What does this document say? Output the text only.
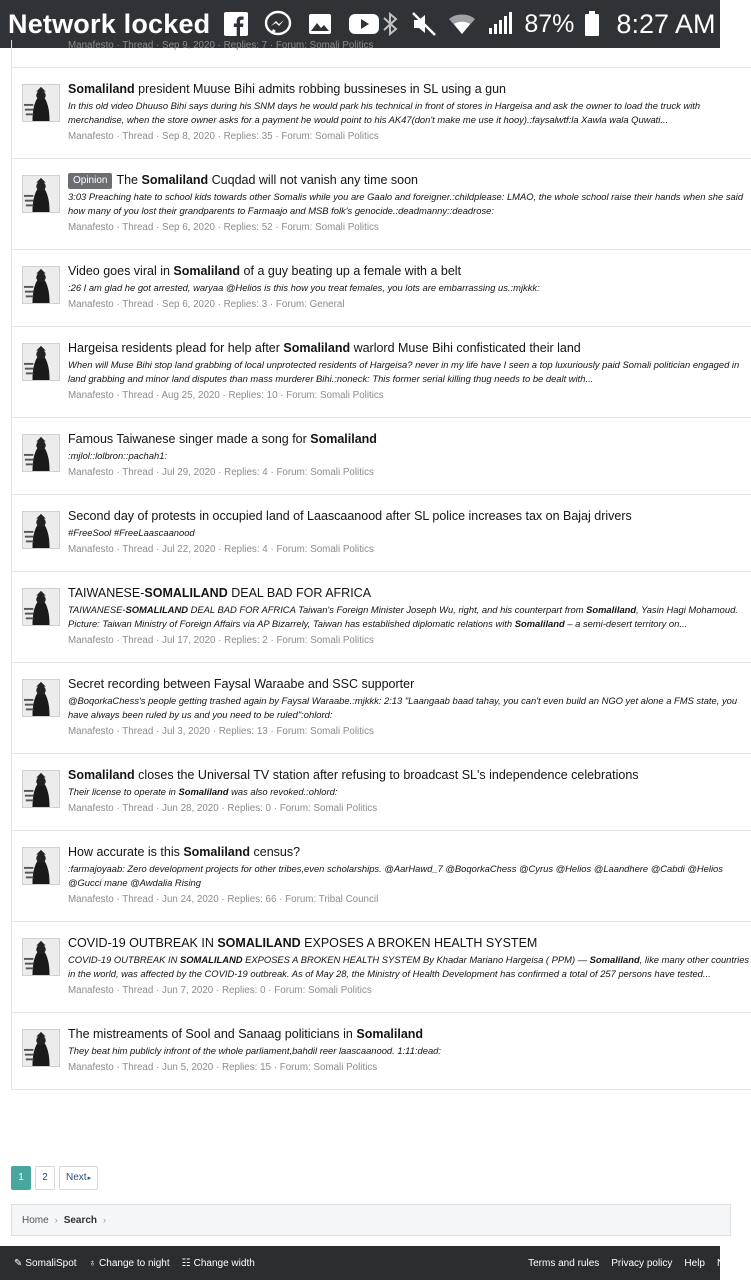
Network locked	87% 8:27 AM
Manafesto · Thread · Sep 9, 2020 · Replies: 7 · Forum: Somali Politics
Somaliland president Muuse Bihi admits robbing bussineses in SL using a gun
In this old video Dhuuso Bihi says during his SNM days he would park his technical in front of stores in Hargeisa and ask the owner to load the truck with merchandise, when the store owner asks for a payment he would point to his AK47(don't make me use it hooy).:faysalwtf:la Xawla wala Quwati...
Manafesto · Thread · Sep 8, 2020 · Replies: 35 · Forum: Somali Politics
Opinion The Somaliland Cuqdad will not vanish any time soon
3:03 Preaching hate to school kids towards other Somalis while you are Gaalo and foreigner.:childplease: LMAO, the whole school raise their hands when she said how many of you lost their grandparents to Farmaajo and MSB folk's genocide.:deadmanny::deadrose:
Manafesto · Thread · Sep 6, 2020 · Replies: 52 · Forum: Somali Politics
Video goes viral in Somaliland of a guy beating up a female with a belt
:26 I am glad he got arrested, waryaa @Helios is this how you treat females, you lots are embarrassing us.:mjkkk:
Manafesto · Thread · Sep 6, 2020 · Replies: 3 · Forum: General
Hargeisa residents plead for help after Somaliland warlord Muse Bihi confisticated their land
When will Muse Bihi stop land grabbing of local unprotected residents of Hargeisa? never in my life have I seen a top luxuriously paid Somali politician engaged in land grabbing and minor land disputes than mass murderer Bihi.:noneck: This former serial killing thug needs to be dealt with...
Manafesto · Thread · Aug 25, 2020 · Replies: 10 · Forum: Somali Politics
Famous Taiwanese singer made a song for Somaliland
:mjlol::lolbron::pachah1:
Manafesto · Thread · Jul 29, 2020 · Replies: 4 · Forum: Somali Politics
Second day of protests in occupied land of Laascaanood after SL police increases tax on Bajaj drivers
#FreeSool #FreeLaascaanood
Manafesto · Thread · Jul 22, 2020 · Replies: 4 · Forum: Somali Politics
TAIWANESE-SOMALILAND DEAL BAD FOR AFRICA
TAIWANESE-SOMALILAND DEAL BAD FOR AFRICA Taiwan's Foreign Minister Joseph Wu, right, and his counterpart from Somaliland, Yasin Hagi Mohamoud. Picture: Taiwan Ministry of Foreign Affairs via AP Bizarrely, Taiwan has established diplomatic relations with Somaliland – a semi-desert territory on...
Manafesto · Thread · Jul 17, 2020 · Replies: 2 · Forum: Somali Politics
Secret recording between Faysal Waraabe and SSC supporter
@BoqorkaChess's people getting trashed again by Faysal Waraabe.:mjkkk: 2:13 "Laangaab baad tahay, you can't even build an NGO yet alone a FMS state, you have always been ruled by us and you need to be ruled":ohlord:
Manafesto · Thread · Jul 3, 2020 · Replies: 13 · Forum: Somali Politics
Somaliland closes the Universal TV station after refusing to broadcast SL's independence celebrations
Their license to operate in Somaliland was also revoked.:ohlord:
Manafesto · Thread · Jun 28, 2020 · Replies: 0 · Forum: Somali Politics
How accurate is this Somaliland census?
:farmajoyaab: Zero development projects for other tribes,even scholarships. @AarHawd_7 @BoqorkaChess @Cyrus @Helios @Laandhere @Cabdi @Helios @Gucci mane @Awdalia Rising
Manafesto · Thread · Jun 24, 2020 · Replies: 66 · Forum: Tribal Council
COVID-19 OUTBREAK IN SOMALILAND EXPOSES A BROKEN HEALTH SYSTEM
COVID-19 OUTBREAK IN SOMALILAND EXPOSES A BROKEN HEALTH SYSTEM By Khadar Mariano Hargeisa ( PPM) — Somaliland, like many other countries in the world, was affected by the COVID-19 outbreak. As of May 28, the Ministry of Health Development has confirmed a total of 257 persons have tested...
Manafesto · Thread · Jun 7, 2020 · Replies: 0 · Forum: Somali Politics
The mistreaments of Sool and Sanaag politicians in Somaliland
They beat him publicly infront of the whole parliament,bahdil reer laascaanood. 1:11:dead:
Manafesto · Thread · Jun 5, 2020 · Replies: 15 · Forum: Somali Politics
1	2	Next▸
Home › Search ›
✎ SomaliSpot ♁ Change to night ☷ Change width	Terms and rules Privacy policy Help News
